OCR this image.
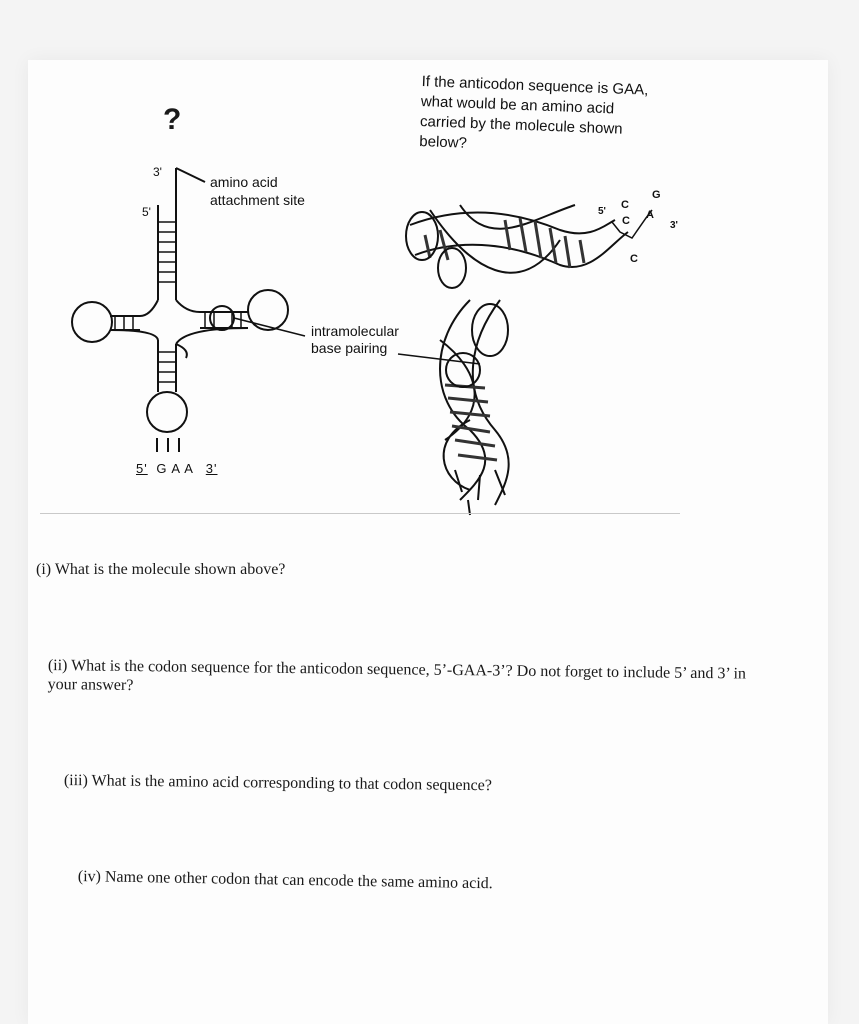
C
G
A
C
C
If the anticodon sequence is GAA, what would be an amino acid carried by the molecule shown below?
?
3'
5'
amino acid attachment site
intramolecular base pairing
5' G A A 3'
5'
3'
(i) What is the molecule shown above?
(ii) What is the codon sequence for the anticodon sequence, 5’-GAA-3’? Do not forget to include 5’ and 3’ in your answer?
(iii) What is the amino acid corresponding to that codon sequence?
(iv) Name one other codon that can encode the same amino acid.
